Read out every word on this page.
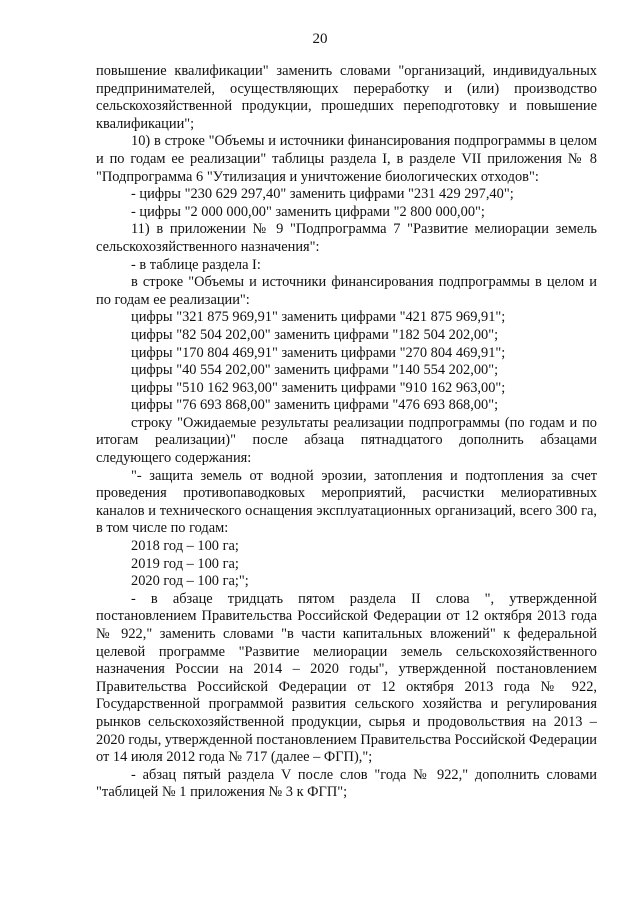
20

повышение квалификации" заменить словами "организаций, индивидуальных предпринимателей, осуществляющих переработку и (или) производство сельскохозяйственной продукции, прошедших переподготовку и повышение квалификации";

10) в строке "Объемы и источники финансирования подпрограммы в целом и по годам ее реализации" таблицы раздела I, в разделе VII приложения № 8 "Подпрограмма 6 "Утилизация и уничтожение биологических отходов":

- цифры "230 629 297,40" заменить цифрами "231 429 297,40";

- цифры "2 000 000,00" заменить цифрами "2 800 000,00";

11) в приложении № 9 "Подпрограмма 7 "Развитие мелиорации земель сельскохозяйственного назначения":

- в таблице раздела I:

в строке "Объемы и источники финансирования подпрограммы в целом и по годам ее реализации":

цифры "321 875 969,91" заменить цифрами "421 875 969,91";

цифры "82 504 202,00" заменить цифрами "182 504 202,00";

цифры "170 804 469,91" заменить цифрами "270 804 469,91";

цифры "40 554 202,00" заменить цифрами "140 554 202,00";

цифры "510 162 963,00" заменить цифрами "910 162 963,00";

цифры "76 693 868,00" заменить цифрами "476 693 868,00";

строку "Ожидаемые результаты реализации подпрограммы (по годам и по итогам реализации)" после абзаца пятнадцатого дополнить абзацами следующего содержания:

"- защита земель от водной эрозии, затопления и подтопления за счет проведения противопаводковых мероприятий, расчистки мелиоративных каналов и технического оснащения эксплуатационных организаций, всего 300 га, в том числе по годам:

2018 год – 100 га;

2019 год – 100 га;

2020 год – 100 га;";

- в абзаце тридцать пятом раздела II слова ", утвержденной постановлением Правительства Российской Федерации от 12 октября 2013 года № 922," заменить словами "в части капитальных вложений" к федеральной целевой программе "Развитие мелиорации земель сельскохозяйственного назначения России на 2014 – 2020 годы", утвержденной постановлением Правительства Российской Федерации от 12 октября 2013 года № 922, Государственной программой развития сельского хозяйства и регулирования рынков сельскохозяйственной продукции, сырья и продовольствия на 2013 – 2020 годы, утвержденной постановлением Правительства Российской Федерации от 14 июля 2012 года № 717 (далее – ФГП),";

- абзац пятый раздела V после слов "года № 922," дополнить словами "таблицей № 1 приложения № 3 к ФГП";
